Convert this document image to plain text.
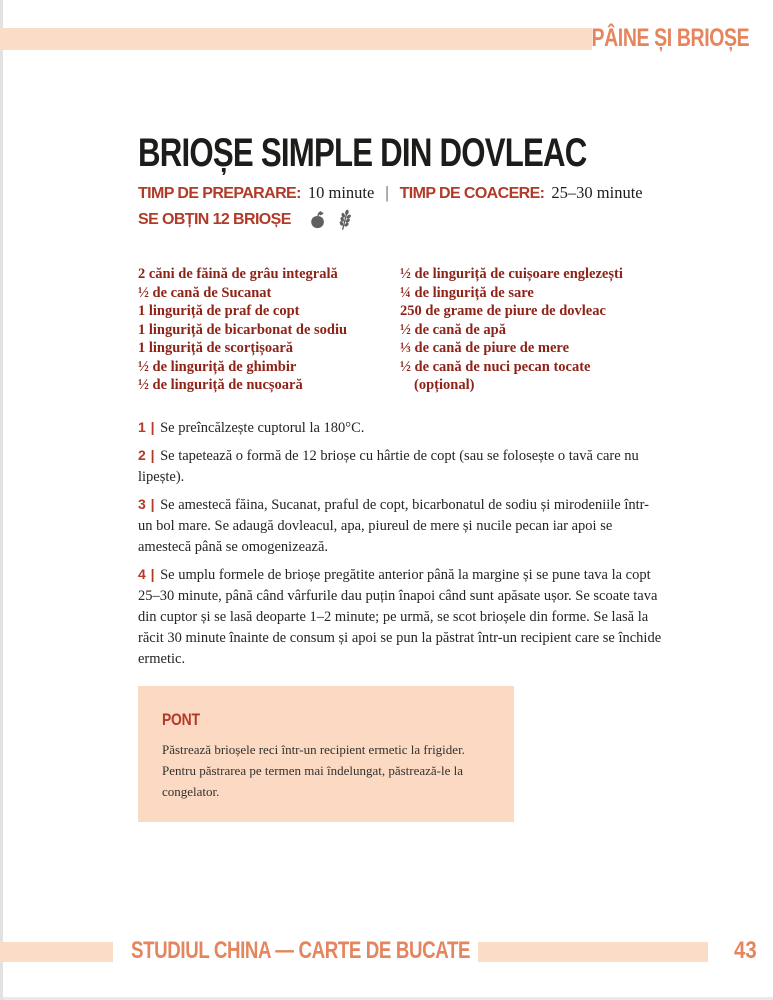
PÂINE ȘI BRIOȘE
BRIOȘE SIMPLE DIN DOVLEAC
TIMP DE PREPARARE: 10 minute | TIMP DE COACERE: 25–30 minute
SE OBȚIN 12 BRIOȘE
2 căni de făină de grâu integrală
½ de cană de Sucanat
1 linguriță de praf de copt
1 linguriță de bicarbonat de sodiu
1 linguriță de scorțișoară
½ de linguriță de ghimbir
½ de linguriță de nucșoară
½ de linguriță de cuișoare englezești
¼ de linguriță de sare
250 de grame de piure de dovleac
½ de cană de apă
⅓ de cană de piure de mere
½ de cană de nuci pecan tocate
(opțional)

1 | Se preîncălzește cuptorul la 180°C.

2 | Se tapetează o formă de 12 brioșe cu hârtie de copt (sau se folosește o tavă care nu lipește).

3 | Se amestecă făina, Sucanat, praful de copt, bicarbonatul de sodiu și mirodeniile într-un bol mare. Se adaugă dovleacul, apa, piureul de mere și nucile pecan iar apoi se amestecă până se omogenizează.

4 | Se umplu formele de brioșe pregătite anterior până la margine și se pune tava la copt 25–30 minute, până când vârfurile dau puțin înapoi când sunt apăsate ușor. Se scoate tava din cuptor și se lasă deoparte 1–2 minute; pe urmă, se scot brioșele din forme. Se lasă la răcit 30 minute înainte de consum și apoi se pun la păstrat într-un recipient care se închide ermetic.

PONT

Păstrează brioșele reci într-un recipient ermetic la frigider. Pentru păstrarea pe termen mai îndelungat, păstrează-le la congelator.

STUDIUL CHINA — CARTE DE BUCATE	43
